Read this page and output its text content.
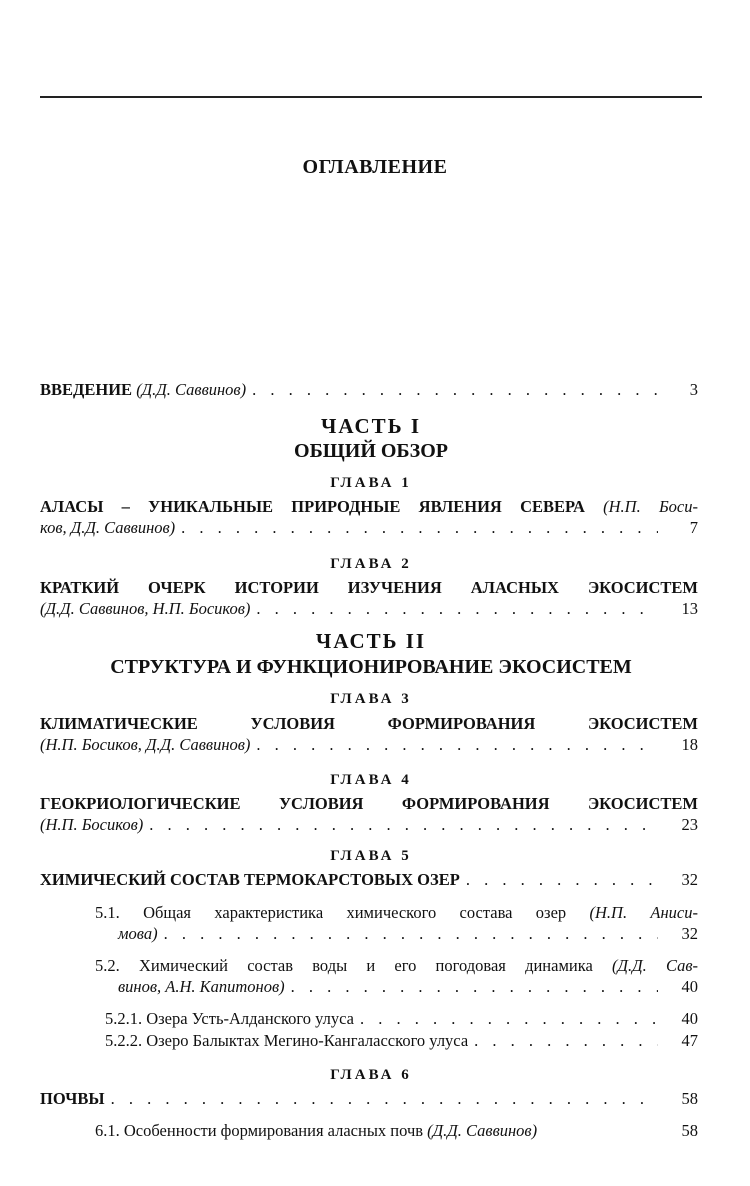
ОГЛАВЛЕНИЕ
ВВЕДЕНИЕ (Д.Д. Саввинов) . . .	3
ЧАСТЬ I
ОБЩИЙ ОБЗОР
ГЛАВА 1
АЛАСЫ – УНИКАЛЬНЫЕ ПРИРОДНЫЕ ЯВЛЕНИЯ СЕВЕРА (Н.П. Боси-
ков, Д.Д. Саввинов) . . .	7
ГЛАВА 2
КРАТКИЙ ОЧЕРК ИСТОРИИ ИЗУЧЕНИЯ АЛАСНЫХ ЭКОСИСТЕМ
(Д.Д. Саввинов, Н.П. Босиков) . . .	13
ЧАСТЬ II
СТРУКТУРА И ФУНКЦИОНИРОВАНИЕ ЭКОСИСТЕМ
ГЛАВА 3
КЛИМАТИЧЕСКИЕ УСЛОВИЯ ФОРМИРОВАНИЯ ЭКОСИСТЕМ
(Н.П. Босиков, Д.Д. Саввинов) . . .	18
ГЛАВА 4
ГЕОКРИОЛОГИЧЕСКИЕ УСЛОВИЯ ФОРМИРОВАНИЯ ЭКОСИСТЕМ
(Н.П. Босиков) . . .	23
ГЛАВА 5
ХИМИЧЕСКИЙ СОСТАВ ТЕРМОКАРСТОВЫХ ОЗЕР . . .	32
5.1. Общая характеристика химического состава озер (Н.П. Аниси-
мова) . . .	32
5.2. Химический состав воды и его погодовая динамика (Д.Д. Сав-
винов, А.Н. Капитонов) . . .	40
5.2.1. Озера Усть-Алданского улуса . . .	40
5.2.2. Озеро Балыктах Мегино-Кангаласского улуса . . .	47
ГЛАВА 6
ПОЧВЫ . . .	58
6.1. Особенности формирования аласных почв (Д.Д. Саввинов)	58
